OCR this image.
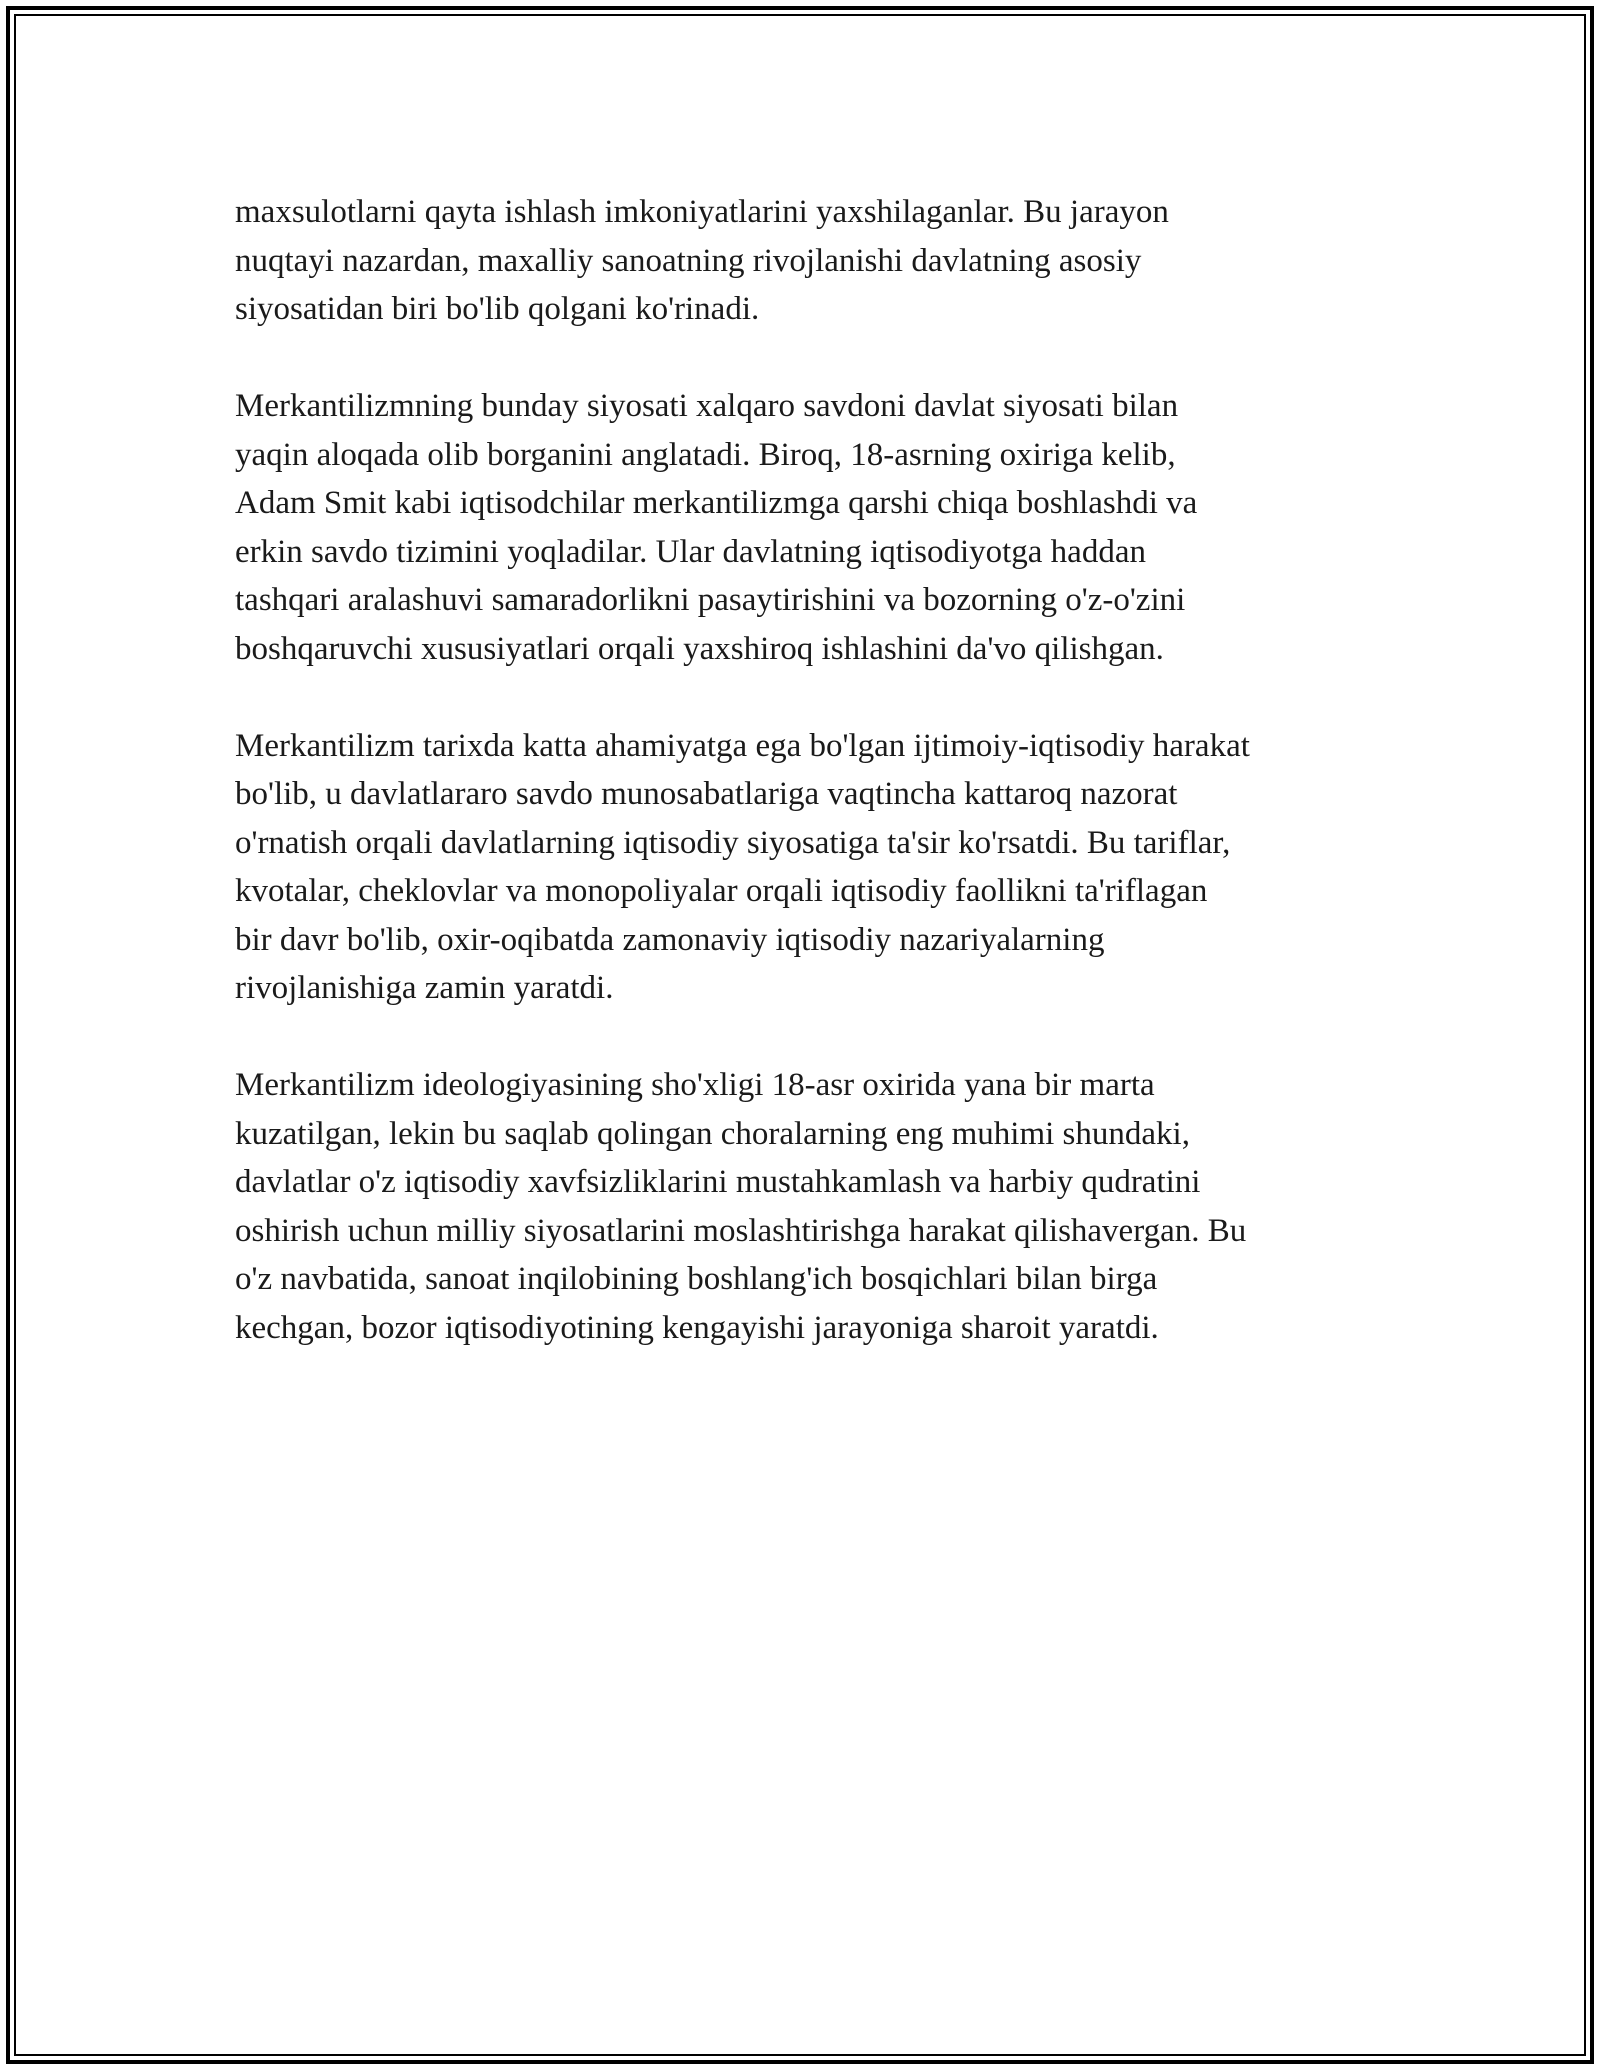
maxsulotlarni qayta ishlash imkoniyatlarini yaxshilaganlar. Bu jarayon
nuqtayi nazardan, maxalliy sanoatning rivojlanishi davlatning asosiy
siyosatidan biri bo'lib qolgani ko'rinadi.

Merkantilizmning bunday siyosati xalqaro savdoni davlat siyosati bilan
yaqin aloqada olib borganini anglatadi. Biroq, 18-asrning oxiriga kelib,
Adam Smit kabi iqtisodchilar merkantilizmga qarshi chiqa boshlashdi va
erkin savdo tizimini yoqladilar. Ular davlatning iqtisodiyotga haddan
tashqari aralashuvi samaradorlikni pasaytirishini va bozorning o'z-o'zini
boshqaruvchi xususiyatlari orqali yaxshiroq ishlashini da'vo qilishgan.

Merkantilizm tarixda katta ahamiyatga ega bo'lgan ijtimoiy-iqtisodiy harakat
bo'lib, u davlatlararo savdo munosabatlariga vaqtincha kattaroq nazorat
o'rnatish orqali davlatlarning iqtisodiy siyosatiga ta'sir ko'rsatdi. Bu tariflar,
kvotalar, cheklovlar va monopoliyalar orqali iqtisodiy faollikni ta'riflagan
bir davr bo'lib, oxir-oqibatda zamonaviy iqtisodiy nazariyalarning
rivojlanishiga zamin yaratdi.

Merkantilizm ideologiyasining sho'xligi 18-asr oxirida yana bir marta
kuzatilgan, lekin bu saqlab qolingan choralarning eng muhimi shundaki,
davlatlar o'z iqtisodiy xavfsizliklarini mustahkamlash va harbiy qudratini
oshirish uchun milliy siyosatlarini moslashtirishga harakat qilishavergan. Bu
o'z navbatida, sanoat inqilobining boshlang'ich bosqichlari bilan birga
kechgan, bozor iqtisodiyotining kengayishi jarayoniga sharoit yaratdi.
